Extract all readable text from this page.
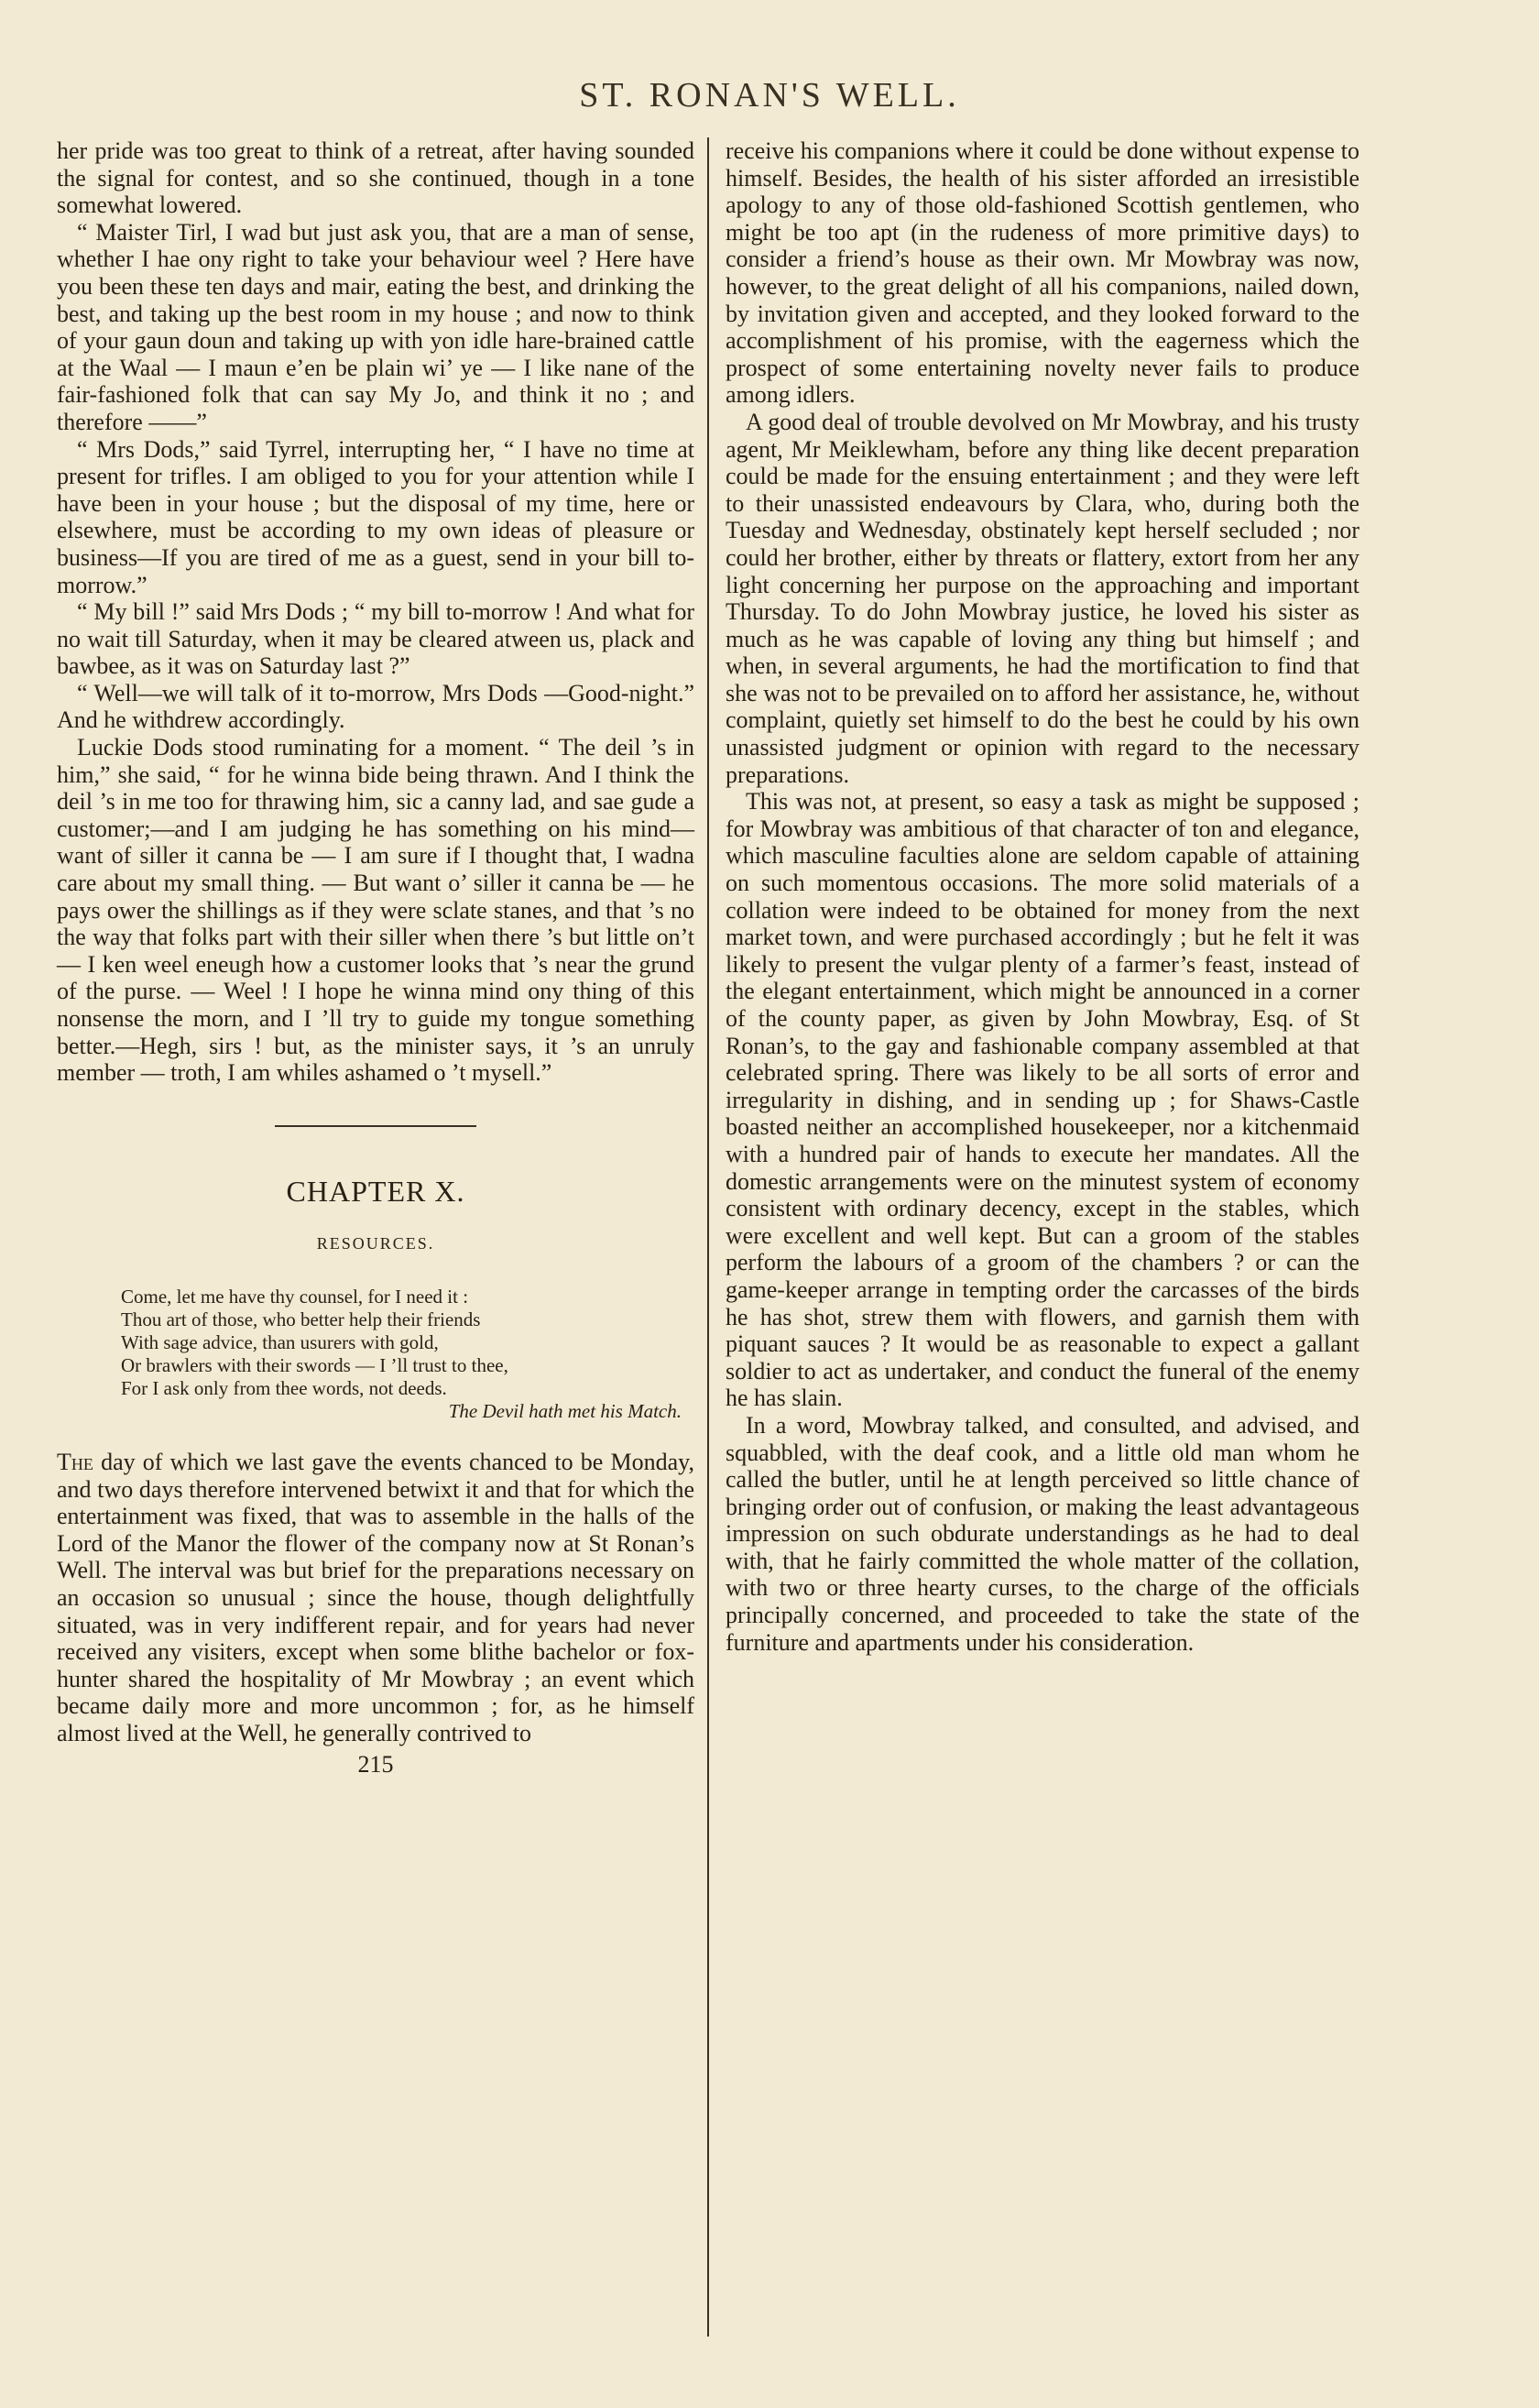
ST. RONAN'S WELL.

her pride was too great to think of a retreat, after having sounded the signal for contest, and so she continued, though in a tone somewhat lowered.

“ Maister Tirl, I wad but just ask you, that are a man of sense, whether I hae ony right to take your behaviour weel ? Here have you been these ten days and mair, eating the best, and drinking the best, and taking up the best room in my house ; and now to think of your gaun doun and taking up with yon idle hare-brained cattle at the Waal — I maun e’en be plain wi’ ye — I like nane of the fair-fashioned folk that can say My Jo, and think it no ; and therefore ——”

“ Mrs Dods,” said Tyrrel, interrupting her, “ I have no time at present for trifles. I am obliged to you for your attention while I have been in your house ; but the disposal of my time, here or elsewhere, must be according to my own ideas of pleasure or business—If you are tired of me as a guest, send in your bill to-morrow.”

“ My bill !” said Mrs Dods ; “ my bill to-morrow ! And what for no wait till Saturday, when it may be cleared atween us, plack and bawbee, as it was on Saturday last ?”

“ Well—we will talk of it to-morrow, Mrs Dods —Good-night.” And he withdrew accordingly.

Luckie Dods stood ruminating for a moment. “ The deil ’s in him,” she said, “ for he winna bide being thrawn. And I think the deil ’s in me too for thrawing him, sic a canny lad, and sae gude a customer;—and I am judging he has something on his mind—want of siller it canna be — I am sure if I thought that, I wadna care about my small thing. — But want o’ siller it canna be — he pays ower the shillings as if they were sclate stanes, and that ’s no the way that folks part with their siller when there ’s but little on’t — I ken weel eneugh how a customer looks that ’s near the grund of the purse. — Weel ! I hope he winna mind ony thing of this nonsense the morn, and I ’ll try to guide my tongue something better.—Hegh, sirs ! but, as the minister says, it ’s an unruly member — troth, I am whiles ashamed o ’t mysell.”

CHAPTER X.
RESOURCES.
Come, let me have thy counsel, for I need it :
Thou art of those, who better help their friends
With sage advice, than usurers with gold,
Or brawlers with their swords — I ’ll trust to thee,
For I ask only from thee words, not deeds.
The Devil hath met his Match.

The day of which we last gave the events chanced to be Monday, and two days therefore intervened betwixt it and that for which the entertainment was fixed, that was to assemble in the halls of the Lord of the Manor the flower of the company now at St Ronan’s Well. The interval was but brief for the preparations necessary on an occasion so unusual ; since the house, though delightfully situated, was in very indifferent repair, and for years had never received any visiters, except when some blithe bachelor or fox-hunter shared the hospitality of Mr Mowbray ; an event which became daily more and more uncommon ; for, as he himself almost lived at the Well, he generally contrived to

215

receive his companions where it could be done without expense to himself. Besides, the health of his sister afforded an irresistible apology to any of those old-fashioned Scottish gentlemen, who might be too apt (in the rudeness of more primitive days) to consider a friend’s house as their own. Mr Mowbray was now, however, to the great delight of all his companions, nailed down, by invitation given and accepted, and they looked forward to the accomplishment of his promise, with the eagerness which the prospect of some entertaining novelty never fails to produce among idlers.

A good deal of trouble devolved on Mr Mowbray, and his trusty agent, Mr Meiklewham, before any thing like decent preparation could be made for the ensuing entertainment ; and they were left to their unassisted endeavours by Clara, who, during both the Tuesday and Wednesday, obstinately kept herself secluded ; nor could her brother, either by threats or flattery, extort from her any light concerning her purpose on the approaching and important Thursday. To do John Mowbray justice, he loved his sister as much as he was capable of loving any thing but himself ; and when, in several arguments, he had the mortification to find that she was not to be prevailed on to afford her assistance, he, without complaint, quietly set himself to do the best he could by his own unassisted judgment or opinion with regard to the necessary preparations.

This was not, at present, so easy a task as might be supposed ; for Mowbray was ambitious of that character of ton and elegance, which masculine faculties alone are seldom capable of attaining on such momentous occasions. The more solid materials of a collation were indeed to be obtained for money from the next market town, and were purchased accordingly ; but he felt it was likely to present the vulgar plenty of a farmer’s feast, instead of the elegant entertainment, which might be announced in a corner of the county paper, as given by John Mowbray, Esq. of St Ronan’s, to the gay and fashionable company assembled at that celebrated spring. There was likely to be all sorts of error and irregularity in dishing, and in sending up ; for Shaws-Castle boasted neither an accomplished housekeeper, nor a kitchenmaid with a hundred pair of hands to execute her mandates. All the domestic arrangements were on the minutest system of economy consistent with ordinary decency, except in the stables, which were excellent and well kept. But can a groom of the stables perform the labours of a groom of the chambers ? or can the game-keeper arrange in tempting order the carcasses of the birds he has shot, strew them with flowers, and garnish them with piquant sauces ? It would be as reasonable to expect a gallant soldier to act as undertaker, and conduct the funeral of the enemy he has slain.

In a word, Mowbray talked, and consulted, and advised, and squabbled, with the deaf cook, and a little old man whom he called the butler, until he at length perceived so little chance of bringing order out of confusion, or making the least advantageous impression on such obdurate understandings as he had to deal with, that he fairly committed the whole matter of the collation, with two or three hearty curses, to the charge of the officials principally concerned, and proceeded to take the state of the furniture and apartments under his consideration.
